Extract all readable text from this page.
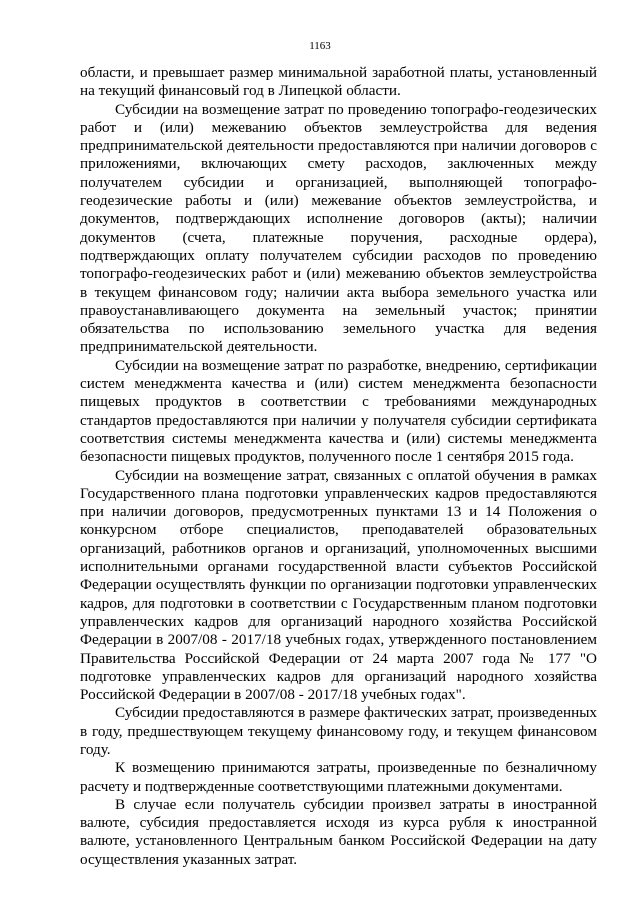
1163

области, и превышает размер минимальной заработной платы, установленный на текущий финансовый год в Липецкой области.

Субсидии на возмещение затрат по проведению топографо-геодезических работ и (или) межеванию объектов землеустройства для ведения предпринимательской деятельности предоставляются при наличии договоров с приложениями, включающих смету расходов, заключенных между получателем субсидии и организацией, выполняющей топографо-геодезические работы и (или) межевание объектов землеустройства, и документов, подтверждающих исполнение договоров (акты); наличии документов (счета, платежные поручения, расходные ордера), подтверждающих оплату получателем субсидии расходов по проведению топографо-геодезических работ и (или) межеванию объектов землеустройства в текущем финансовом году; наличии акта выбора земельного участка или правоустанавливающего документа на земельный участок; принятии обязательства по использованию земельного участка для ведения предпринимательской деятельности.

Субсидии на возмещение затрат по разработке, внедрению, сертификации систем менеджмента качества и (или) систем менеджмента безопасности пищевых продуктов в соответствии с требованиями международных стандартов предоставляются при наличии у получателя субсидии сертификата соответствия системы менеджмента качества и (или) системы менеджмента безопасности пищевых продуктов, полученного после 1 сентября 2015 года.

Субсидии на возмещение затрат, связанных с оплатой обучения в рамках Государственного плана подготовки управленческих кадров предоставляются при наличии договоров, предусмотренных пунктами 13 и 14 Положения о конкурсном отборе специалистов, преподавателей образовательных организаций, работников органов и организаций, уполномоченных высшими исполнительными органами государственной власти субъектов Российской Федерации осуществлять функции по организации подготовки управленческих кадров, для подготовки в соответствии с Государственным планом подготовки управленческих кадров для организаций народного хозяйства Российской Федерации в 2007/08 - 2017/18 учебных годах, утвержденного постановлением Правительства Российской Федерации от 24 марта 2007 года № 177 "О подготовке управленческих кадров для организаций народного хозяйства Российской Федерации в 2007/08 - 2017/18 учебных годах".

Субсидии предоставляются в размере фактических затрат, произведенных в году, предшествующем текущему финансовому году, и текущем финансовом году.

К возмещению принимаются затраты, произведенные по безналичному расчету и подтвержденные соответствующими платежными документами.

В случае если получатель субсидии произвел затраты в иностранной валюте, субсидия предоставляется исходя из курса рубля к иностранной валюте, установленного Центральным банком Российской Федерации на дату осуществления указанных затрат.
